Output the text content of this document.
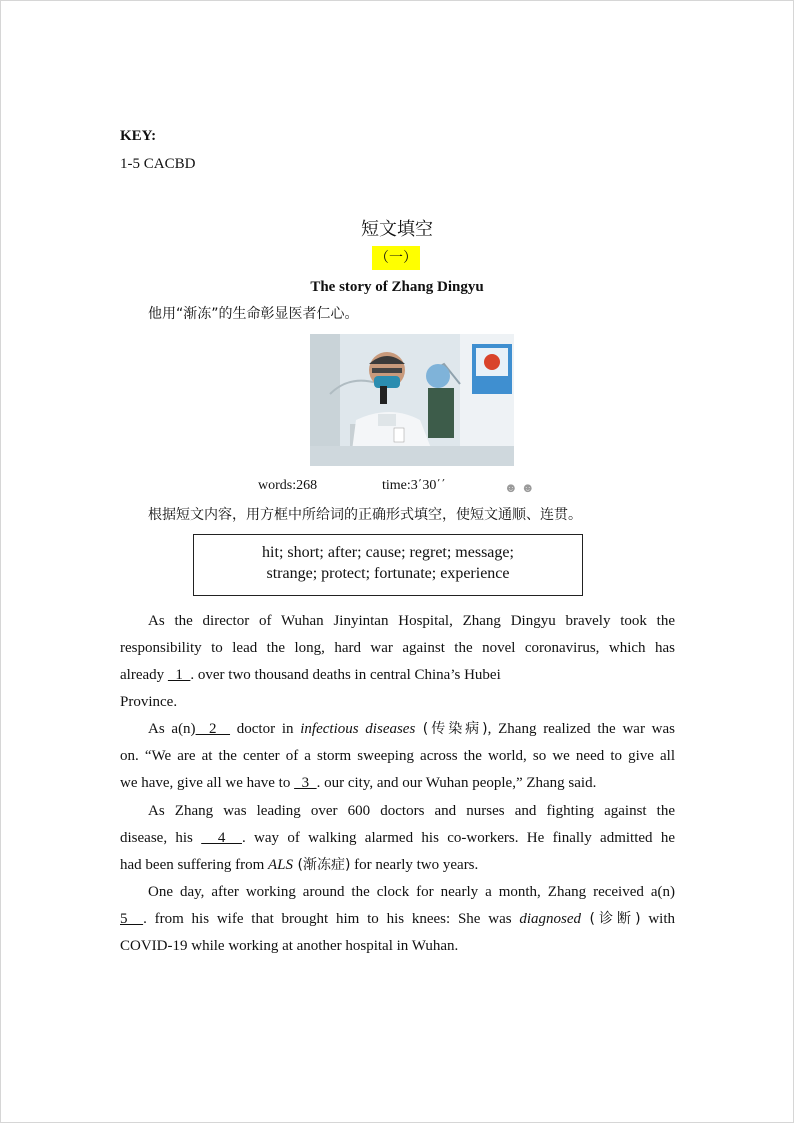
KEY:
1-5 CACBD
短文填空
（一）
The story of Zhang Dingyu
他用“渐冻”的生命彰显医者仁心。
words:268	time:3΄30΄΄	☻ ☻
根据短文内容，用方框中所给词的正确形式填空，使短文通顺、连贯。
hit; short; after; cause; regret; message;
strange; protect; fortunate; experience
As the director of Wuhan Jinyintan Hospital, Zhang Dingyu bravely took the
responsibility to lead the long, hard war against the novel coronavirus, which has
already   1  . over two thousand deaths in central China’s Hubei
Province.
As a(n)  2   doctor in infectious diseases (传染病), Zhang realized the war was
on. “We are at the center of a storm sweeping across the world, so we need to give all
we have, give all we have to   3  . our city, and our Wuhan people,” Zhang said.
As Zhang was leading over 600 doctors and nurses and fighting against the
disease, his   4  . way of walking alarmed his co-workers. He finally admitted he
had been suffering from ALS (渐冻症) for nearly two years.
One day, after working around the clock for nearly a month, Zhang received a(n)
5  . from his wife that brought him to his knees: She was diagnosed (诊断) with
COVID-19 while working at another hospital in Wuhan.
